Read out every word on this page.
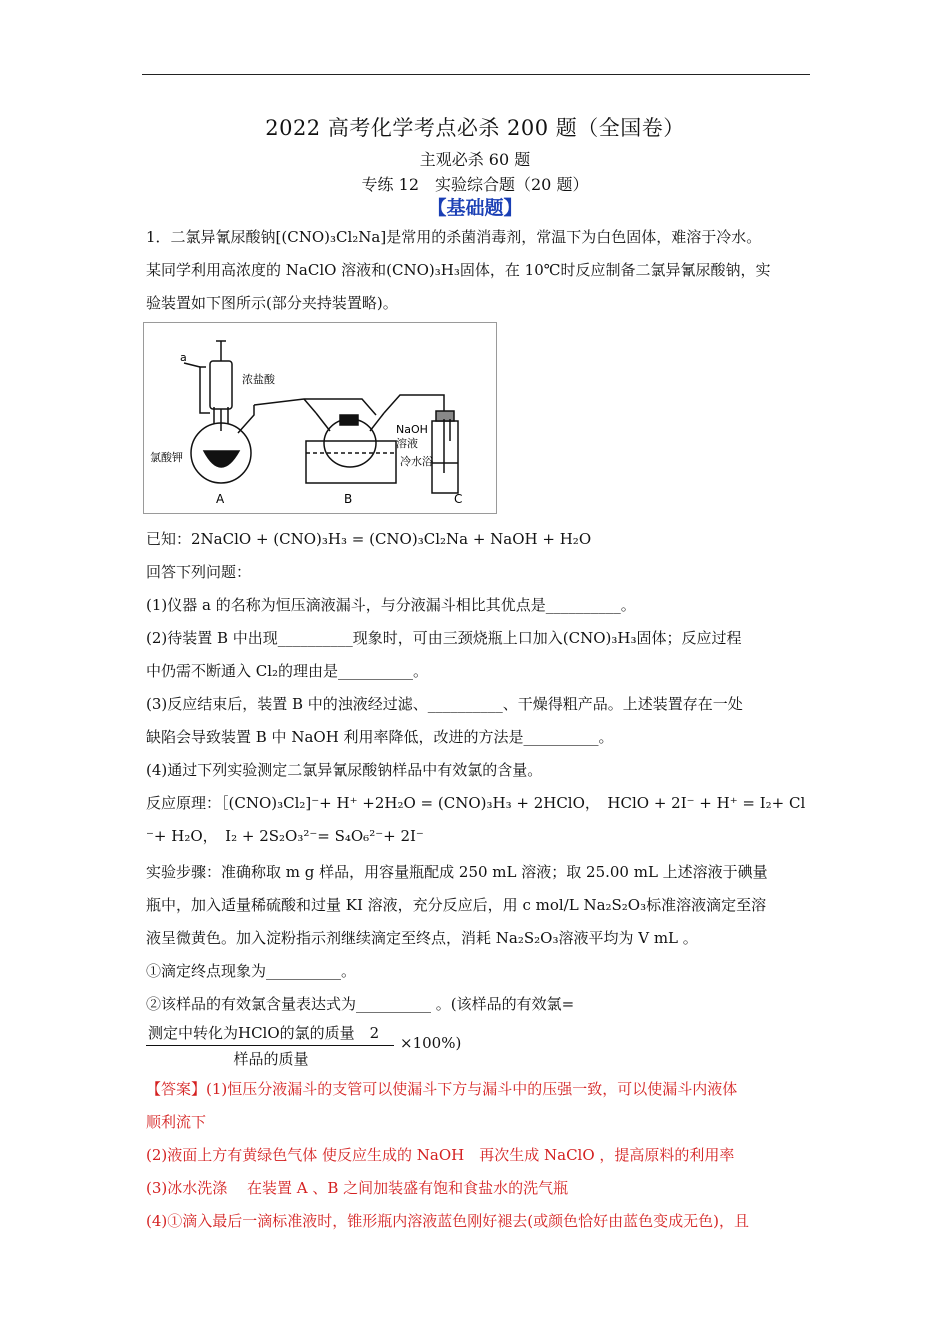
2022 高考化学考点必杀 200 题（全国卷）
主观必杀 60 题
专练 12　实验综合题（20 题）
【基础题】
1．二氯异氰尿酸钠[(CNO)₃Cl₂Na]是常用的杀菌消毒剂，常温下为白色固体，难溶于冷水。
某同学利用高浓度的 NaClO 溶液和(CNO)₃H₃固体，在 10℃时反应制备二氯异氰尿酸钠，实
验装置如下图所示(部分夹持装置略)。
a
浓盐酸
氯酸钾
NaOH
溶液
冷水浴
A	B	C
已知：2NaClO + (CNO)₃H₃ = (CNO)₃Cl₂Na + NaOH + H₂O
回答下列问题：
(1)仪器 a 的名称为恒压滴液漏斗，与分液漏斗相比其优点是__________。
(2)待装置 B 中出现__________现象时，可由三颈烧瓶上口加入(CNO)₃H₃固体；反应过程
中仍需不断通入 Cl₂的理由是__________。
(3)反应结束后，装置 B 中的浊液经过滤、__________、干燥得粗产品。上述装置存在一处
缺陷会导致装置 B 中 NaOH 利用率降低，改进的方法是__________。
(4)通过下列实验测定二氯异氰尿酸钠样品中有效氯的含量。
反应原理：［(CNO)₃Cl₂]⁻+ H⁺ +2H₂O = (CNO)₃H₃ + 2HClO，　HClO + 2I⁻ + H⁺ = I₂+ Cl
⁻+ H₂O，　I₂ + 2S₂O₃²⁻= S₄O₆²⁻+ 2I⁻
实验步骤：准确称取 m g 样品，用容量瓶配成 250 mL 溶液；取 25.00 mL 上述溶液于碘量
瓶中，加入适量稀硫酸和过量 KI 溶液，充分反应后，用 c mol/L Na₂S₂O₃标准溶液滴定至溶
液呈微黄色。加入淀粉指示剂继续滴定至终点，消耗 Na₂S₂O₃溶液平均为 V mL 。
①滴定终点现象为__________。
②该样品的有效氯含量表达式为__________ 。(该样品的有效氯=
测定中转化为HClO的氯的质量　2
样品的质量
×100%)
【答案】(1)恒压分液漏斗的支管可以使漏斗下方与漏斗中的压强一致，可以使漏斗内液体
顺利流下
(2)液面上方有黄绿色气体 使反应生成的 NaOH　再次生成 NaClO ，提高原料的利用率
(3)冰水洗涤　 在装置 A 、B 之间加装盛有饱和食盐水的洗气瓶
(4)①滴入最后一滴标准液时，锥形瓶内溶液蓝色刚好褪去(或颜色恰好由蓝色变成无色)，且
